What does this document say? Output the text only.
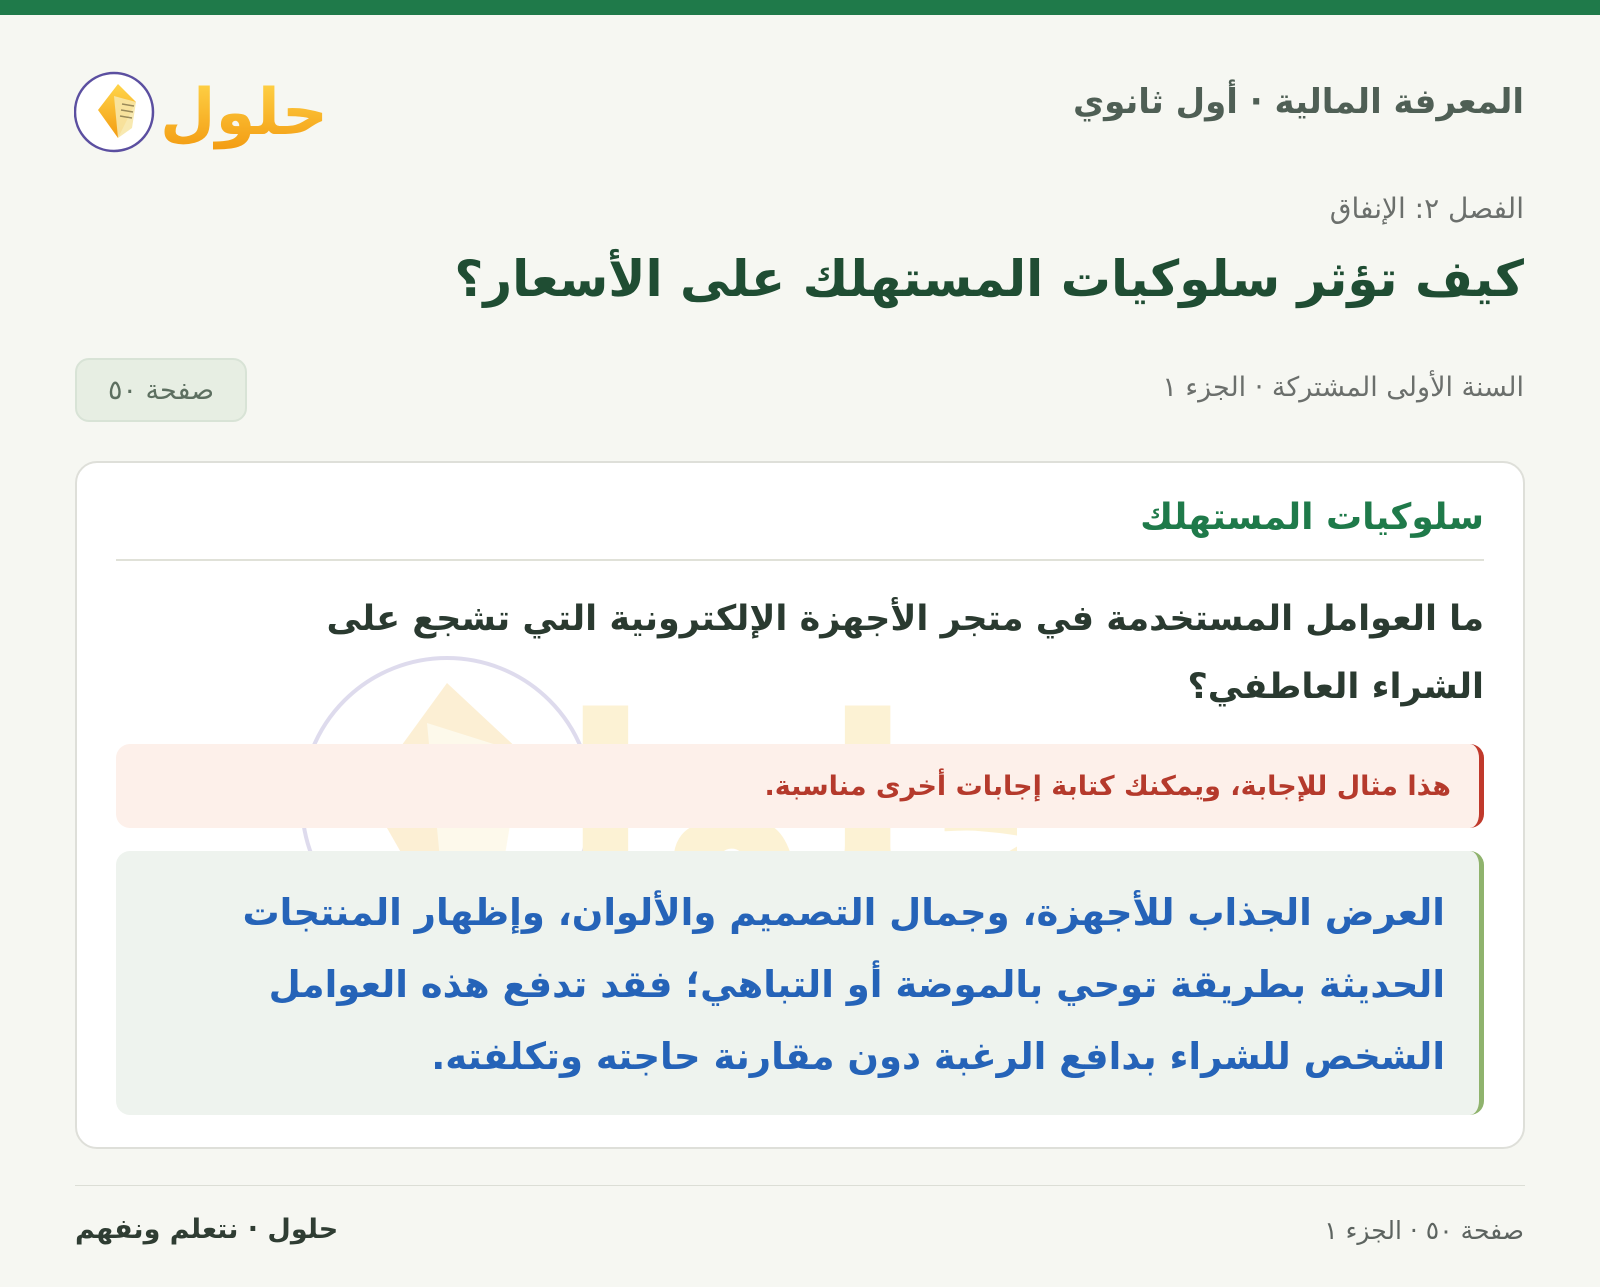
المعرفة المالية · أول ثانوي
حلول
الفصل ٢: الإنفاق
كيف تؤثر سلوكيات المستهلك على الأسعار؟
السنة الأولى المشتركة · الجزء ١
صفحة ٥٠
سلوكيات المستهلك
ما العوامل المستخدمة في متجر الأجهزة الإلكترونية التي تشجع على الشراء العاطفي؟
هذا مثال للإجابة، ويمكنك كتابة إجابات أخرى مناسبة.
العرض الجذاب للأجهزة، وجمال التصميم والألوان، وإظهار المنتجات الحديثة بطريقة توحي بالموضة أو التباهي؛ فقد تدفع هذه العوامل الشخص للشراء بدافع الرغبة دون مقارنة حاجته وتكلفته.
صفحة ٥٠ · الجزء ١
حلول · نتعلم ونفهم
